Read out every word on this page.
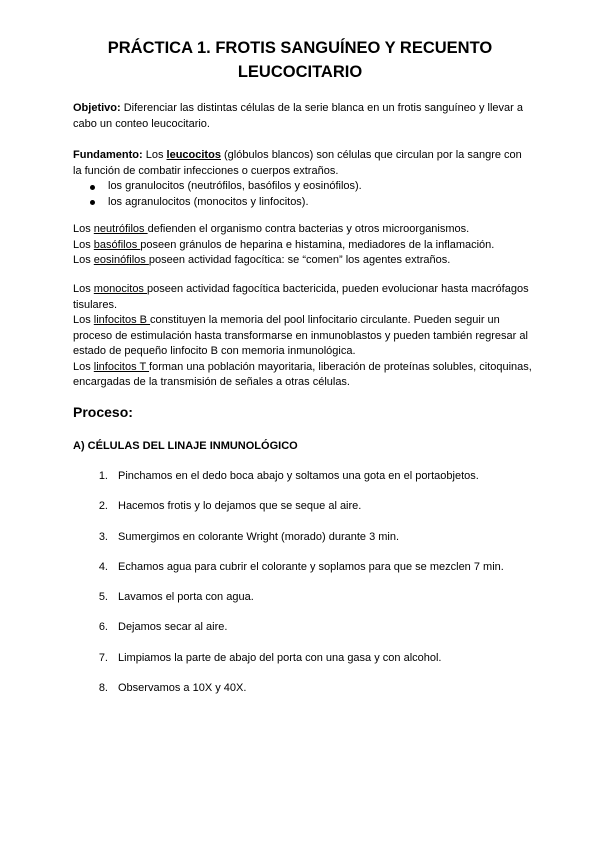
PRÁCTICA 1. FROTIS SANGUÍNEO Y RECUENTO
LEUCOCITARIO

Objetivo: Diferenciar las distintas células de la serie blanca en un frotis sanguíneo y llevar a cabo un conteo leucocitario.

Fundamento: Los leucocitos (glóbulos blancos) son células que circulan por la sangre con la función de combatir infecciones o cuerpos extraños.

los granulocitos (neutrófilos, basófilos y eosinófilos).
los agranulocitos (monocitos y linfocitos).

Los neutrófilos defienden el organismo contra bacterias y otros microorganismos.

Los basófilos poseen gránulos de heparina e histamina, mediadores de la inflamación.

Los eosinófilos poseen actividad fagocítica: se “comen” los agentes extraños.

Los monocitos poseen actividad fagocítica bactericida, pueden evolucionar hasta macrófagos tisulares.

Los linfocitos B constituyen la memoria del pool linfocitario circulante. Pueden seguir un proceso de estimulación hasta transformarse en inmunoblastos y pueden también regresar al estado de pequeño linfocito B con memoria inmunológica.

Los linfocitos T forman una población mayoritaria, liberación de proteínas solubles, citoquinas, encargadas de la transmisión de señales a otras células.

Proceso:
A) CÉLULAS DEL LINAJE INMUNOLÓGICO
1. Pinchamos en el dedo boca abajo y soltamos una gota en el portaobjetos.
2. Hacemos frotis y lo dejamos que se seque al aire.
3. Sumergimos en colorante Wright (morado) durante 3 min.
4. Echamos agua para cubrir el colorante y soplamos para que se mezclen 7 min.
5. Lavamos el porta con agua.
6. Dejamos secar al aire.
7. Limpiamos la parte de abajo del porta con una gasa y con alcohol.
8. Observamos a 10X y 40X.
